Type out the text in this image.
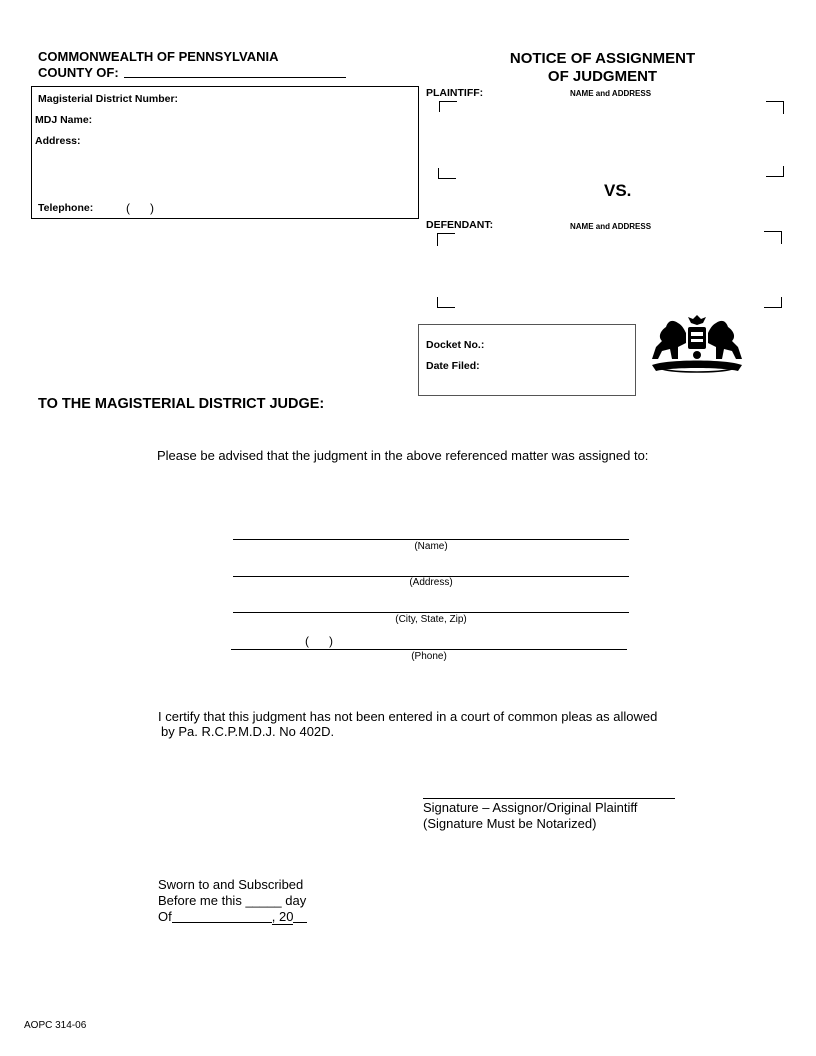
COMMONWEALTH OF PENNSYLVANIA
COUNTY OF:
NOTICE OF ASSIGNMENT
OF JUDGMENT
Magisterial District Number:
MDJ Name:
Address:
Telephone:	(      )
PLAINTIFF:	NAME and ADDRESS
VS.
DEFENDANT:	NAME and ADDRESS
Docket No.:
Date Filed:
TO THE MAGISTERIAL DISTRICT JUDGE:
Please be advised that the judgment in the above referenced matter was assigned to:
(Name)
(Address)
(City, State, Zip)
(      )
(Phone)
I certify that this judgment has not been entered in a court of common pleas as allowed
by Pa. R.C.P.M.D.J. No 402D.
Signature – Assignor/Original Plaintiff
(Signature Must be Notarized)
Sworn to and Subscribed
Before me this _____ day
Of	, 20
AOPC 314-06
